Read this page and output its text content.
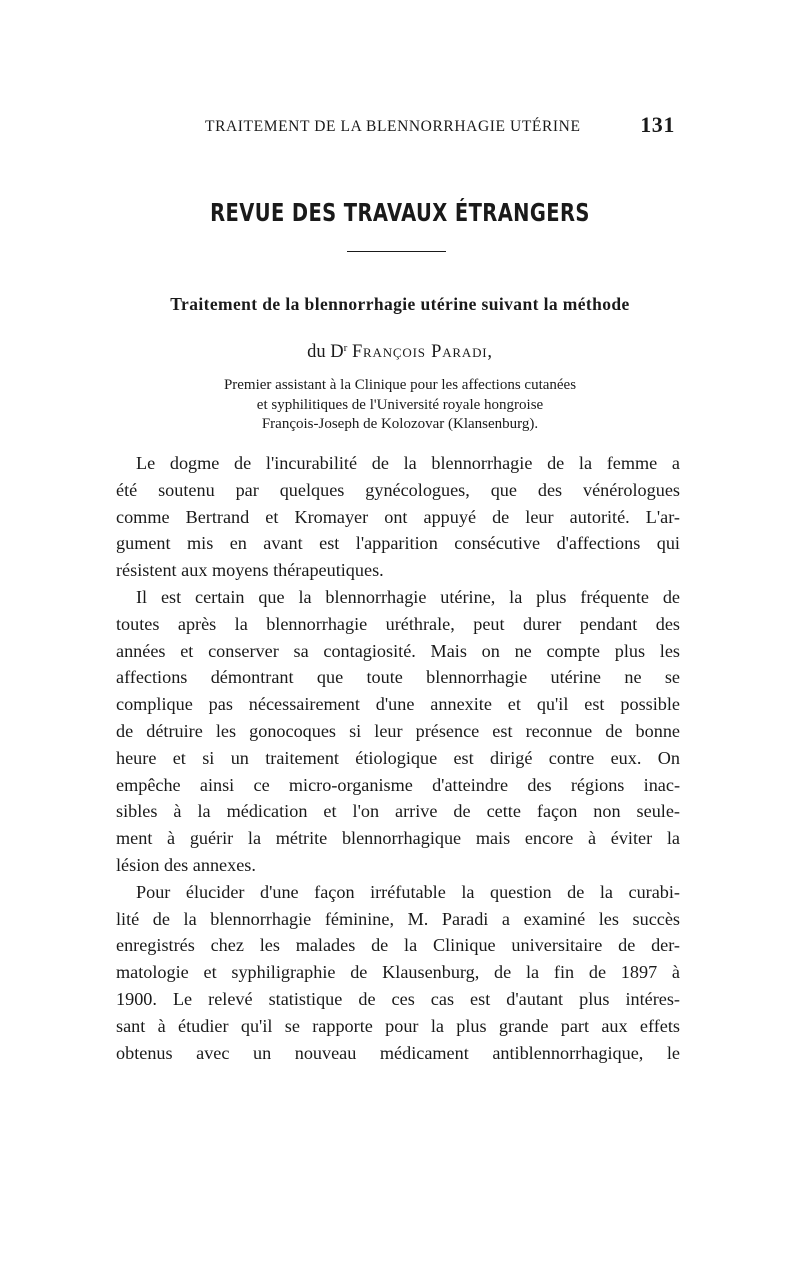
TRAITEMENT DE LA BLENNORRHAGIE UTÉRINE	131
REVUE DES TRAVAUX ÉTRANGERS
Traitement de la blennorrhagie utérine suivant la méthode
du $D^r$ François Paradi,
Premier assistant à la Clinique pour les affections cutanées
et syphilitiques de l'Université royale hongroise
François-Joseph de Kolozovar (Klansenburg).
Le dogme de l'incurabilité de la blennorrhagie de la femme a
été soutenu par quelques gynécologues, que des vénérologues
comme Bertrand et Kromayer ont appuyé de leur autorité. L'ar-
gument mis en avant est l'apparition consécutive d'affections qui
résistent aux moyens thérapeutiques.
Il est certain que la blennorrhagie utérine, la plus fréquente de
toutes après la blennorrhagie uréthrale, peut durer pendant des
années et conserver sa contagiosité. Mais on ne compte plus les
affections démontrant que toute blennorrhagie utérine ne se
complique pas nécessairement d'une annexite et qu'il est possible
de détruire les gonocoques si leur présence est reconnue de bonne
heure et si un traitement étiologique est dirigé contre eux. On
empêche ainsi ce micro-organisme d'atteindre des régions inac-
sibles à la médication et l'on arrive de cette façon non seule-
ment à guérir la métrite blennorrhagique mais encore à éviter la
lésion des annexes.
Pour élucider d'une façon irréfutable la question de la curabi-
lité de la blennorrhagie féminine, M. Paradi a examiné les succès
enregistrés chez les malades de la Clinique universitaire de der-
matologie et syphiligraphie de Klausenburg, de la fin de 1897 à
1900. Le relevé statistique de ces cas est d'autant plus intéres-
sant à étudier qu'il se rapporte pour la plus grande part aux effets
obtenus avec un nouveau médicament antiblennorrhagique, le
